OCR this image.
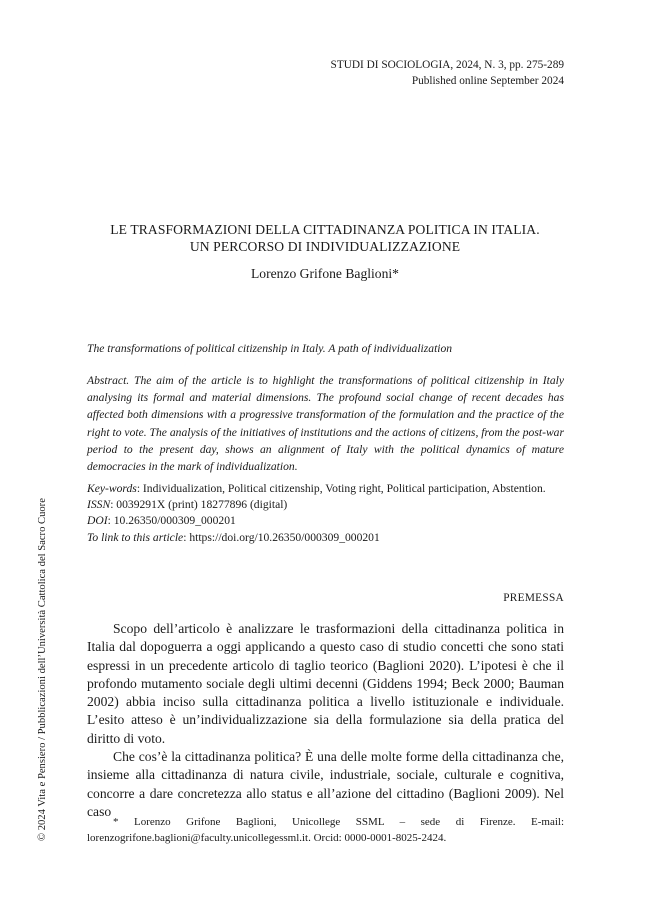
STUDI DI SOCIOLOGIA, 2024, N. 3, pp. 275-289
Published online September 2024
LE TRASFORMAZIONI DELLA CITTADINANZA POLITICA IN ITALIA.
UN PERCORSO DI INDIVIDUALIZZAZIONE
Lorenzo Grifone Baglioni*
The transformations of political citizenship in Italy. A path of individualization
Abstract. The aim of the article is to highlight the transformations of political citizenship in Italy analysing its formal and material dimensions. The profound social change of recent decades has affected both dimensions with a progressive transformation of the formulation and the practice of the right to vote. The analysis of the initiatives of institutions and the actions of citizens, from the post-war period to the present day, shows an alignment of Italy with the political dynamics of mature democracies in the mark of individualization.
Key-words: Individualization, Political citizenship, Voting right, Political participation, Abstention.
ISSN: 0039291X (print) 18277896 (digital)
DOI: 10.26350/000309_000201
To link to this article: https://doi.org/10.26350/000309_000201
PREMESSA

Scopo dell’articolo è analizzare le trasformazioni della cittadinanza politica in Italia dal dopoguerra a oggi applicando a questo caso di studio concetti che sono stati espressi in un precedente articolo di taglio teorico (Baglioni 2020). L’ipotesi è che il profondo mutamento sociale degli ultimi decenni (Giddens 1994; Beck 2000; Bauman 2002) abbia inciso sulla cittadinanza politica a livello istituzionale e individuale. L’esito atteso è un’individualizzazione sia della formulazione sia della pratica del diritto di voto.

Che cos’è la cittadinanza politica? È una delle molte forme della cittadinanza che, insieme alla cittadinanza di natura civile, industriale, sociale, culturale e cognitiva, concorre a dare concretezza allo status e all’azione del cittadino (Baglioni 2009). Nel caso

* Lorenzo Grifone Baglioni, Unicollege SSML – sede di Firenze. E-mail: lorenzogrifone.baglioni@faculty.unicollegessml.it. Orcid: 0000-0001-8025-2424.
© 2024 Vita e Pensiero / Pubblicazioni dell’Università Cattolica del Sacro Cuore
